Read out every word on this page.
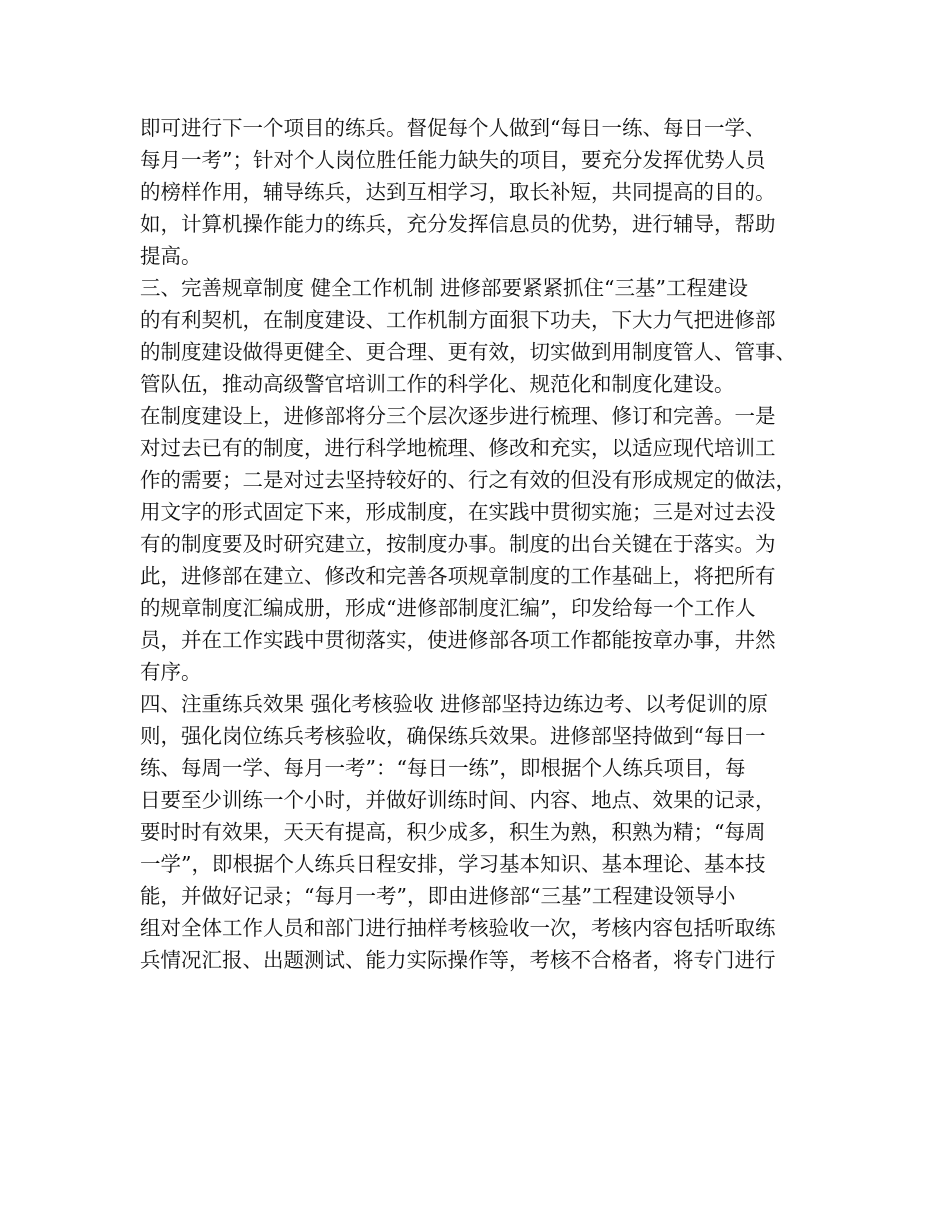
即可进行下一个项目的练兵。督促每个人做到“每日一练、每日一学、
每月一考”；针对个人岗位胜任能力缺失的项目，要充分发挥优势人员
的榜样作用，辅导练兵，达到互相学习，取长补短，共同提高的目的。
如，计算机操作能力的练兵，充分发挥信息员的优势，进行辅导，帮助
提高。
三、完善规章制度 健全工作机制 进修部要紧紧抓住“三基”工程建设
的有利契机，在制度建设、工作机制方面狠下功夫，下大力气把进修部
的制度建设做得更健全、更合理、更有效，切实做到用制度管人、管事、
管队伍，推动高级警官培训工作的科学化、规范化和制度化建设。
在制度建设上，进修部将分三个层次逐步进行梳理、修订和完善。一是
对过去已有的制度，进行科学地梳理、修改和充实，以适应现代培训工
作的需要；二是对过去坚持较好的、行之有效的但没有形成规定的做法，
用文字的形式固定下来，形成制度，在实践中贯彻实施；三是对过去没
有的制度要及时研究建立，按制度办事。制度的出台关键在于落实。为
此，进修部在建立、修改和完善各项规章制度的工作基础上，将把所有
的规章制度汇编成册，形成“进修部制度汇编”，印发给每一个工作人
员，并在工作实践中贯彻落实，使进修部各项工作都能按章办事，井然
有序。
四、注重练兵效果 强化考核验收 进修部坚持边练边考、以考促训的原
则，强化岗位练兵考核验收，确保练兵效果。进修部坚持做到“每日一
练、每周一学、每月一考”：“每日一练”，即根据个人练兵项目，每
日要至少训练一个小时，并做好训练时间、内容、地点、效果的记录，
要时时有效果，天天有提高，积少成多，积生为熟，积熟为精；“每周
一学”，即根据个人练兵日程安排，学习基本知识、基本理论、基本技
能，并做好记录；“每月一考”，即由进修部“三基”工程建设领导小
组对全体工作人员和部门进行抽样考核验收一次，考核内容包括听取练
兵情况汇报、出题测试、能力实际操作等，考核不合格者，将专门进行
